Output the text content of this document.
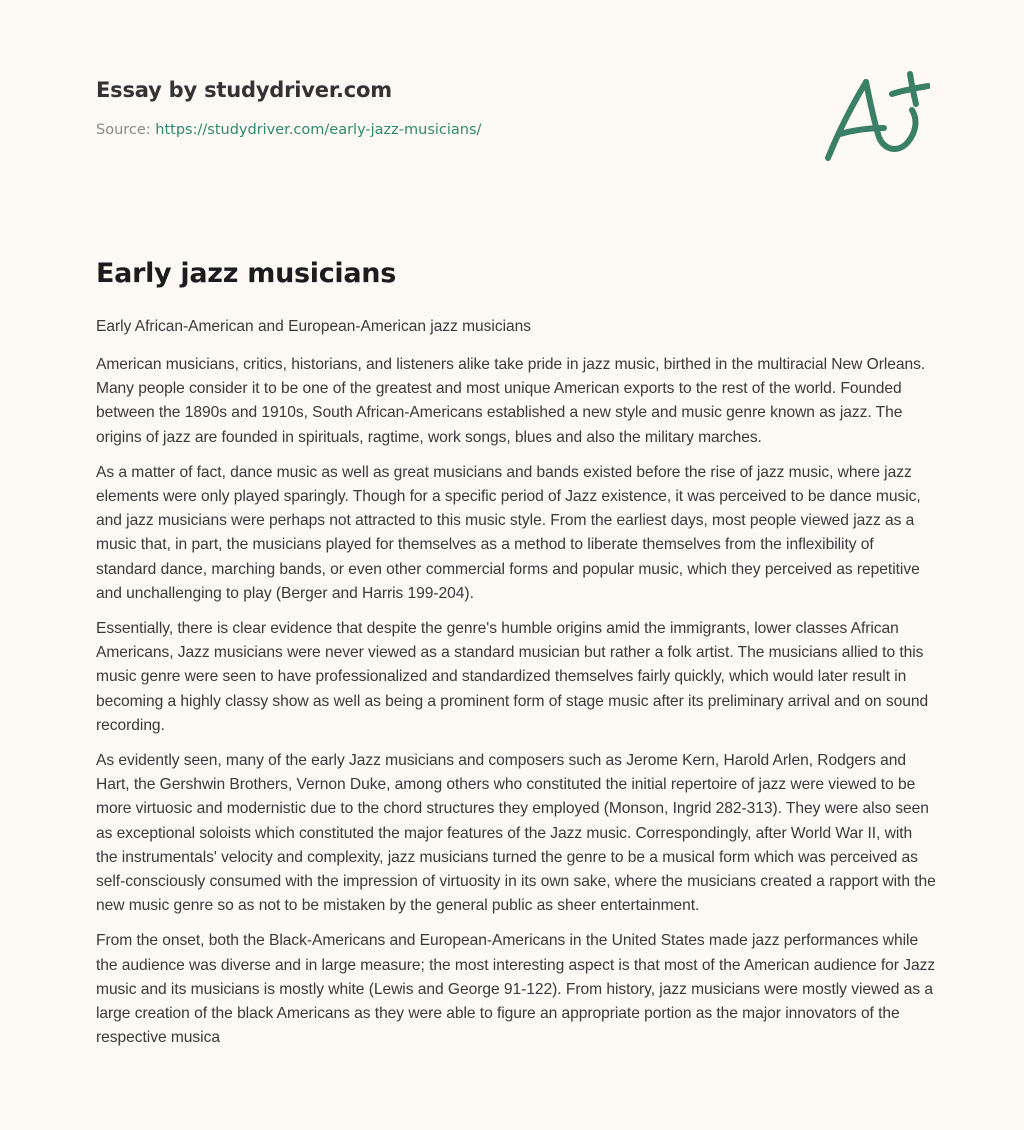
Essay by studydriver.com
Source: https://studydriver.com/early-jazz-musicians/
Early jazz musicians

Early African-American and European-American jazz musicians

American musicians, critics, historians, and listeners alike take pride in jazz music, birthed in the multiracial New Orleans. Many people consider it to be one of the greatest and most unique American exports to the rest of the world. Founded between the 1890s and 1910s, South African-Americans established a new style and music genre known as jazz. The origins of jazz are founded in spirituals, ragtime, work songs, blues and also the military marches.

As a matter of fact, dance music as well as great musicians and bands existed before the rise of jazz music, where jazz elements were only played sparingly. Though for a specific period of Jazz existence, it was perceived to be dance music, and jazz musicians were perhaps not attracted to this music style. From the earliest days, most people viewed jazz as a music that, in part, the musicians played for themselves as a method to liberate themselves from the inflexibility of standard dance, marching bands, or even other commercial forms and popular music, which they perceived as repetitive and unchallenging to play (Berger and Harris 199-204).

Essentially, there is clear evidence that despite the genre's humble origins amid the immigrants, lower classes African Americans, Jazz musicians were never viewed as a standard musician but rather a folk artist. The musicians allied to this music genre were seen to have professionalized and standardized themselves fairly quickly, which would later result in becoming a highly classy show as well as being a prominent form of stage music after its preliminary arrival and on sound recording.

As evidently seen, many of the early Jazz musicians and composers such as Jerome Kern, Harold Arlen, Rodgers and Hart, the Gershwin Brothers, Vernon Duke, among others who constituted the initial repertoire of jazz were viewed to be more virtuosic and modernistic due to the chord structures they employed (Monson, Ingrid 282-313). They were also seen as exceptional soloists which constituted the major features of the Jazz music. Correspondingly, after World War II, with the instrumentals' velocity and complexity, jazz musicians turned the genre to be a musical form which was perceived as self-consciously consumed with the impression of virtuosity in its own sake, where the musicians created a rapport with the new music genre so as not to be mistaken by the general public as sheer entertainment.

From the onset, both the Black-Americans and European-Americans in the United States made jazz performances while the audience was diverse and in large measure; the most interesting aspect is that most of the American audience for Jazz music and its musicians is mostly white (Lewis and George 91-122). From history, jazz musicians were mostly viewed as a large creation of the black Americans as they were able to figure an appropriate portion as the major innovators of the respective musica
